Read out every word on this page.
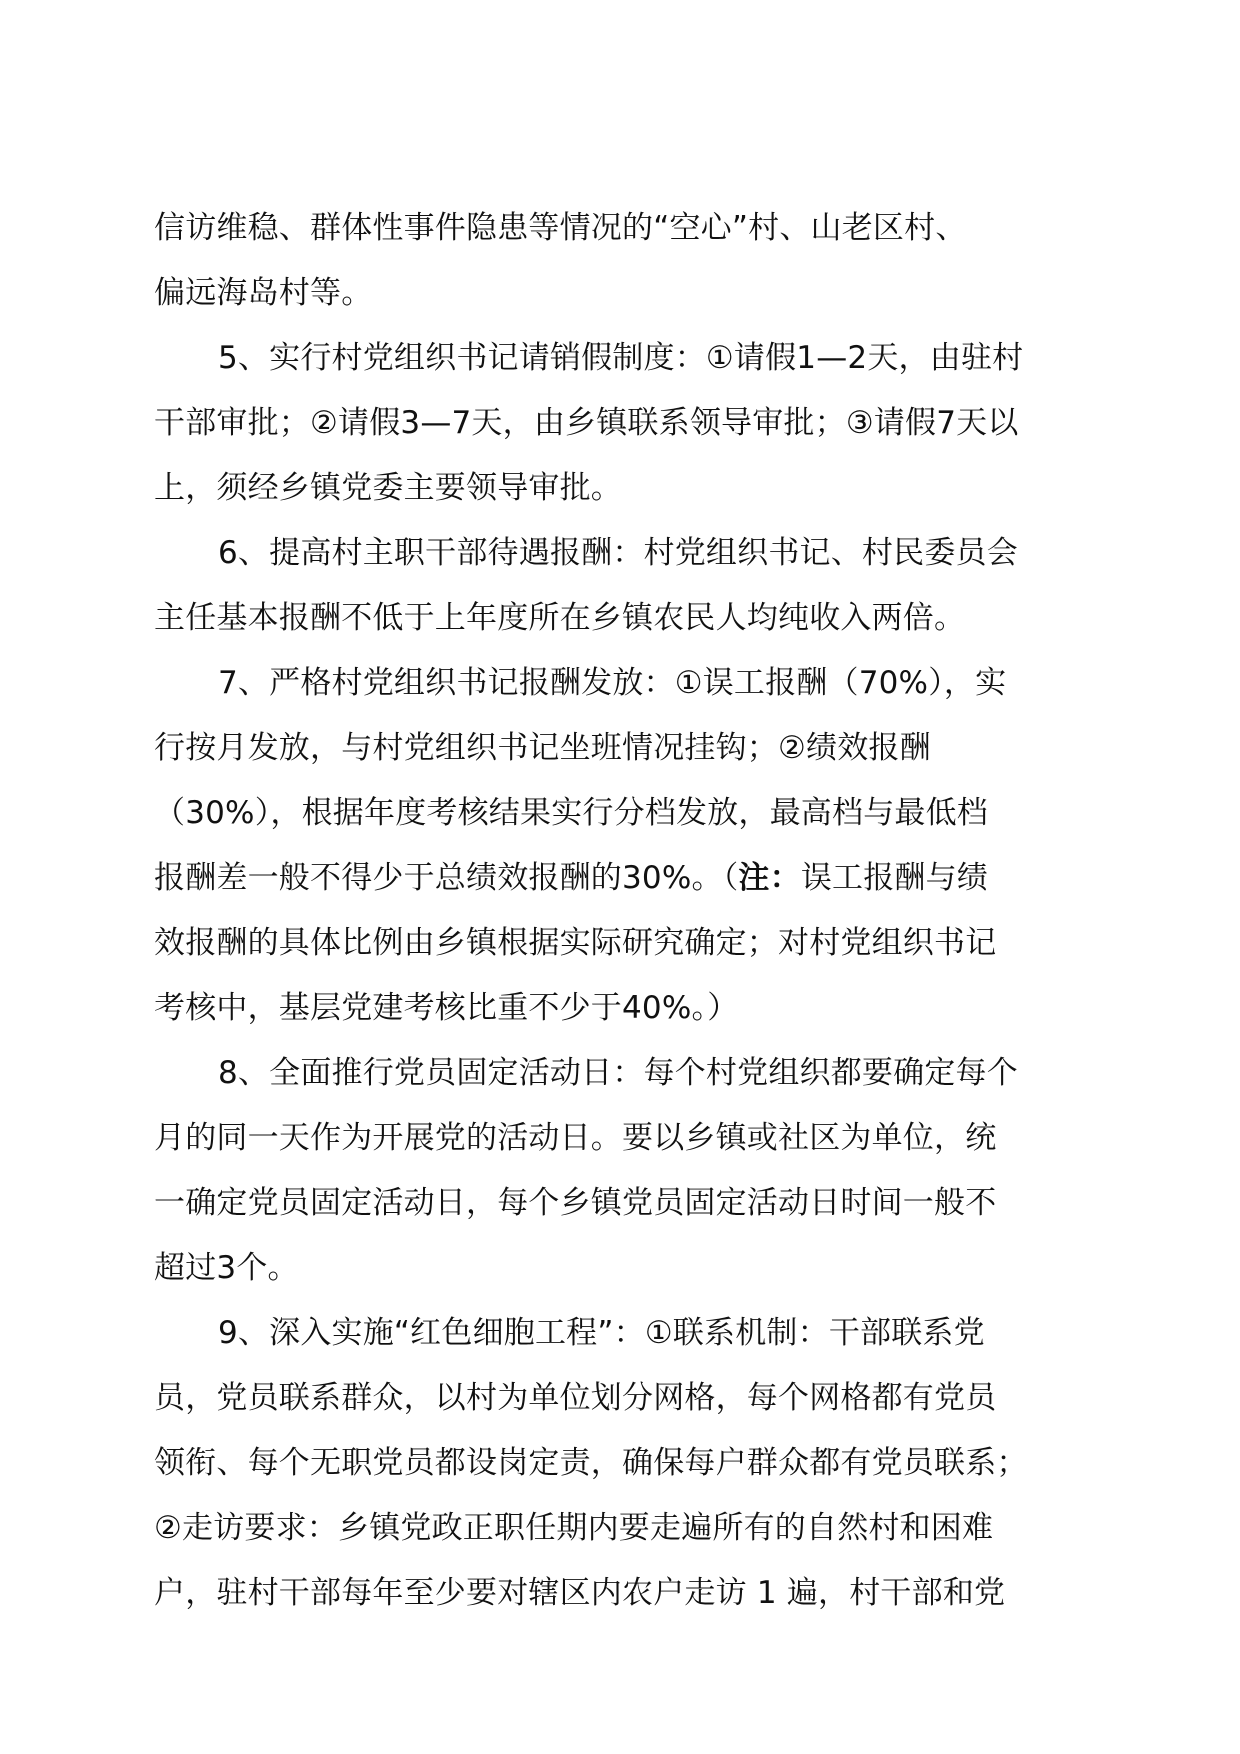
信访维稳、群体性事件隐患等情况的“空心”村、山老区村、
偏远海岛村等。
5、实行村党组织书记请销假制度：①请假1—2天，由驻村
干部审批；②请假3—7天，由乡镇联系领导审批；③请假7天以
上，须经乡镇党委主要领导审批。
6、提高村主职干部待遇报酬：村党组织书记、村民委员会
主任基本报酬不低于上年度所在乡镇农民人均纯收入两倍。
7、严格村党组织书记报酬发放：①误工报酬（70%），实
行按月发放，与村党组织书记坐班情况挂钩；②绩效报酬
（30%），根据年度考核结果实行分档发放，最高档与最低档
报酬差一般不得少于总绩效报酬的30%。（注：误工报酬与绩
效报酬的具体比例由乡镇根据实际研究确定；对村党组织书记
考核中，基层党建考核比重不少于40%。）
8、全面推行党员固定活动日：每个村党组织都要确定每个
月的同一天作为开展党的活动日。要以乡镇或社区为单位，统
一确定党员固定活动日，每个乡镇党员固定活动日时间一般不
超过3个。
9、深入实施“红色细胞工程”：①联系机制：干部联系党
员，党员联系群众，以村为单位划分网格，每个网格都有党员
领衔、每个无职党员都设岗定责，确保每户群众都有党员联系；
②走访要求：乡镇党政正职任期内要走遍所有的自然村和困难
户，驻村干部每年至少要对辖区内农户走访 1 遍，村干部和党
